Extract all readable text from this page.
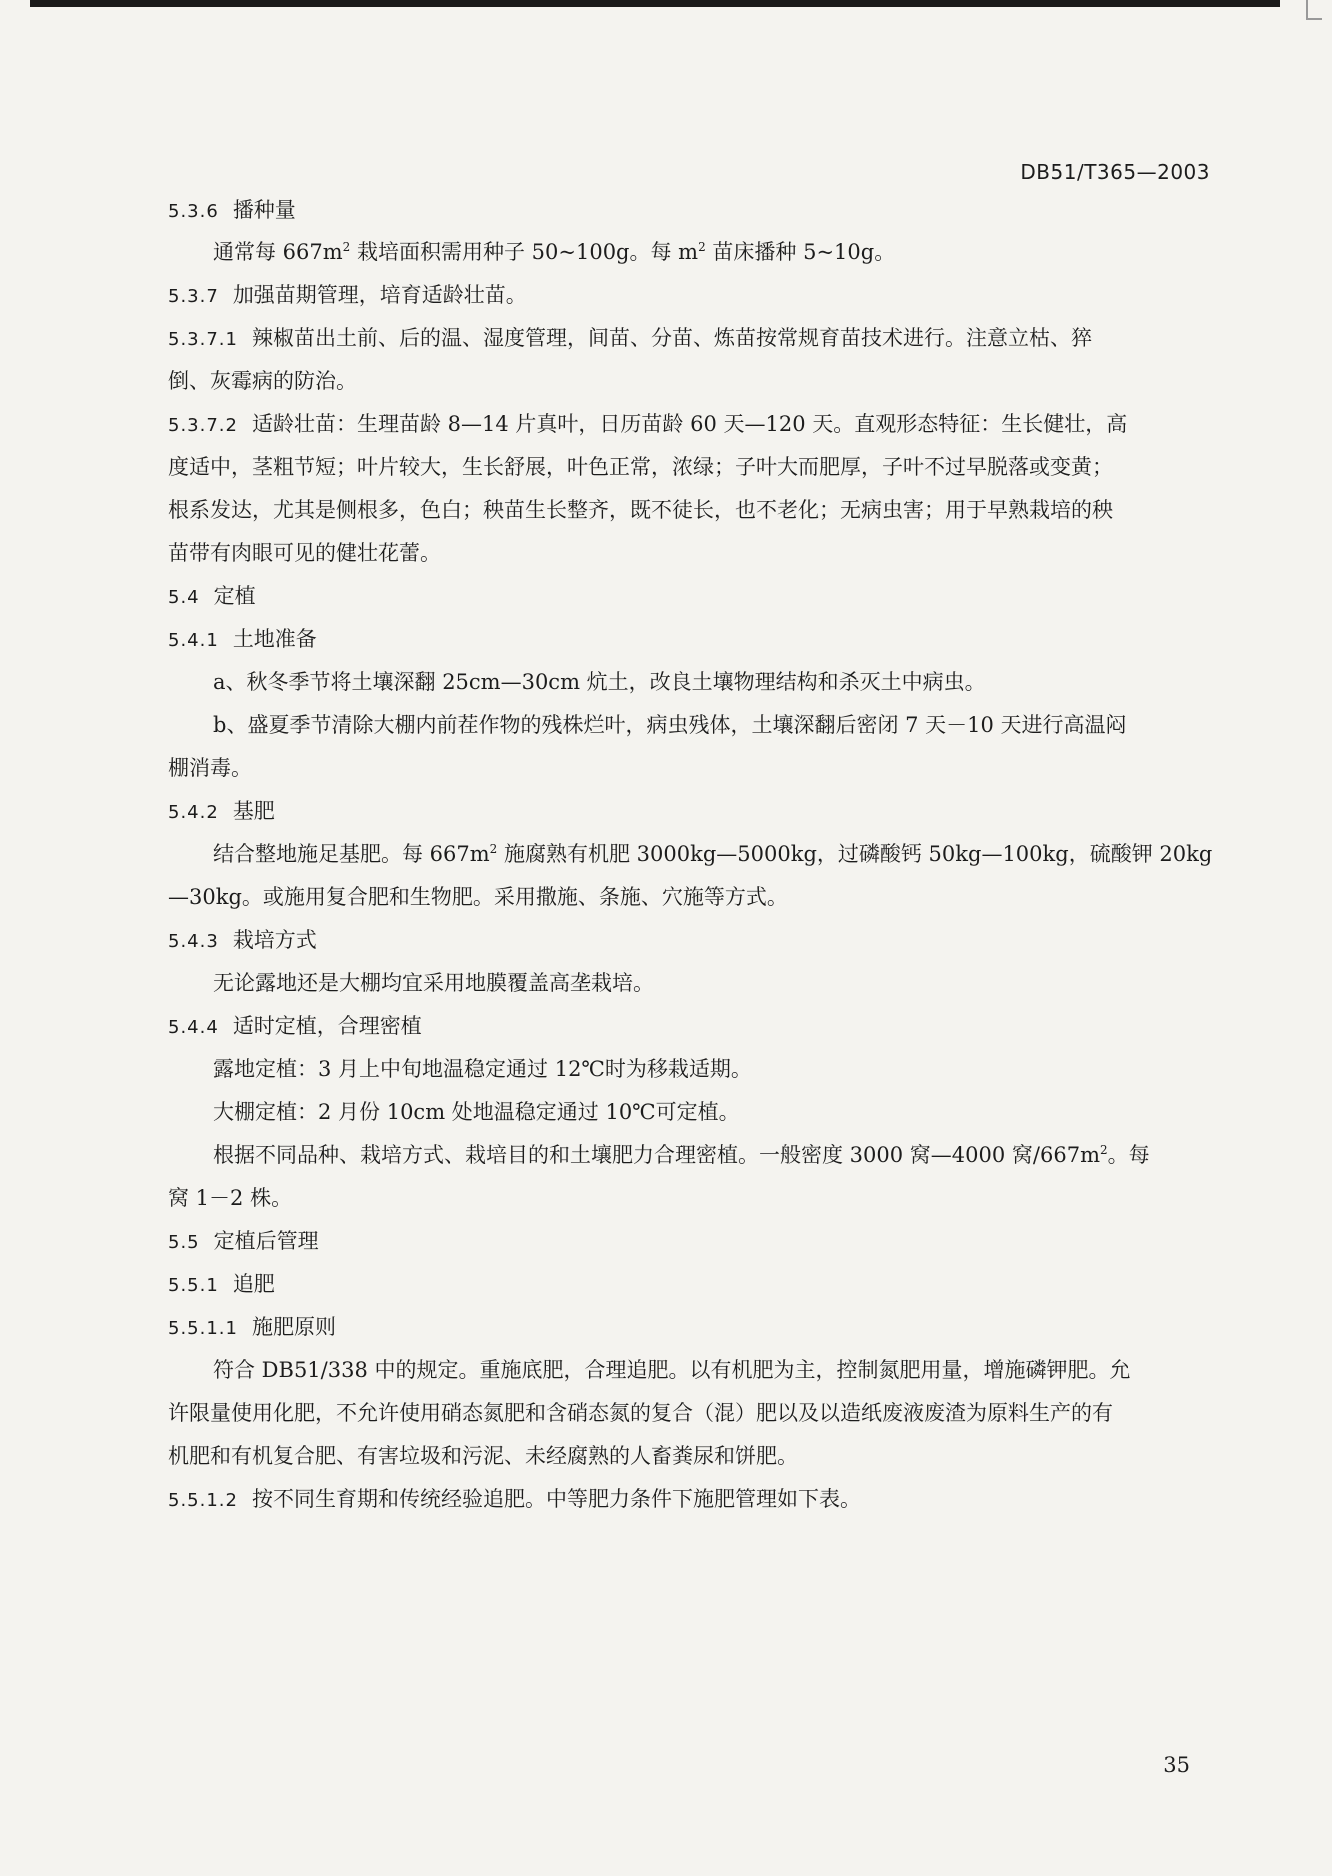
DB51/T365—2003
5.3.6 播种量
通常每 $667m^2$ 栽培面积需用种子 50~100g。每 $m^2$ 苗床播种 5~10g。
5.3.7 加强苗期管理，培育适龄壮苗。
5.3.7.1 辣椒苗出土前、后的温、湿度管理，间苗、分苗、炼苗按常规育苗技术进行。注意立枯、猝
倒、灰霉病的防治。
5.3.7.2 适龄壮苗：生理苗龄 8—14 片真叶，日历苗龄 60 天—120 天。直观形态特征：生长健壮，高
度适中，茎粗节短；叶片较大，生长舒展，叶色正常，浓绿；子叶大而肥厚，子叶不过早脱落或变黄；
根系发达，尤其是侧根多，色白；秧苗生长整齐，既不徒长，也不老化；无病虫害；用于早熟栽培的秧
苗带有肉眼可见的健壮花蕾。
5.4 定植
5.4.1 土地准备
a、秋冬季节将土壤深翻 25cm—30cm 炕土，改良土壤物理结构和杀灭土中病虫。
b、盛夏季节清除大棚内前茬作物的残株烂叶，病虫残体，土壤深翻后密闭 7 天－10 天进行高温闷
棚消毒。
5.4.2 基肥
结合整地施足基肥。每 $667m^2$ 施腐熟有机肥 3000kg—5000kg，过磷酸钙 50kg—100kg，硫酸钾 20kg
—30kg。或施用复合肥和生物肥。采用撒施、条施、穴施等方式。
5.4.3 栽培方式
无论露地还是大棚均宜采用地膜覆盖高垄栽培。
5.4.4 适时定植，合理密植
露地定植：3 月上中旬地温稳定通过 12℃时为移栽适期。
大棚定植：2 月份 10cm 处地温稳定通过 10℃可定植。
根据不同品种、栽培方式、栽培目的和土壤肥力合理密植。一般密度 3000 窝—4000 窝$/667m^2$。每
窝 1－2 株。
5.5 定植后管理
5.5.1 追肥
5.5.1.1 施肥原则
符合 DB51/338 中的规定。重施底肥，合理追肥。以有机肥为主，控制氮肥用量，增施磷钾肥。允
许限量使用化肥，不允许使用硝态氮肥和含硝态氮的复合（混）肥以及以造纸废液废渣为原料生产的有
机肥和有机复合肥、有害垃圾和污泥、未经腐熟的人畜粪尿和饼肥。
5.5.1.2 按不同生育期和传统经验追肥。中等肥力条件下施肥管理如下表。
35
